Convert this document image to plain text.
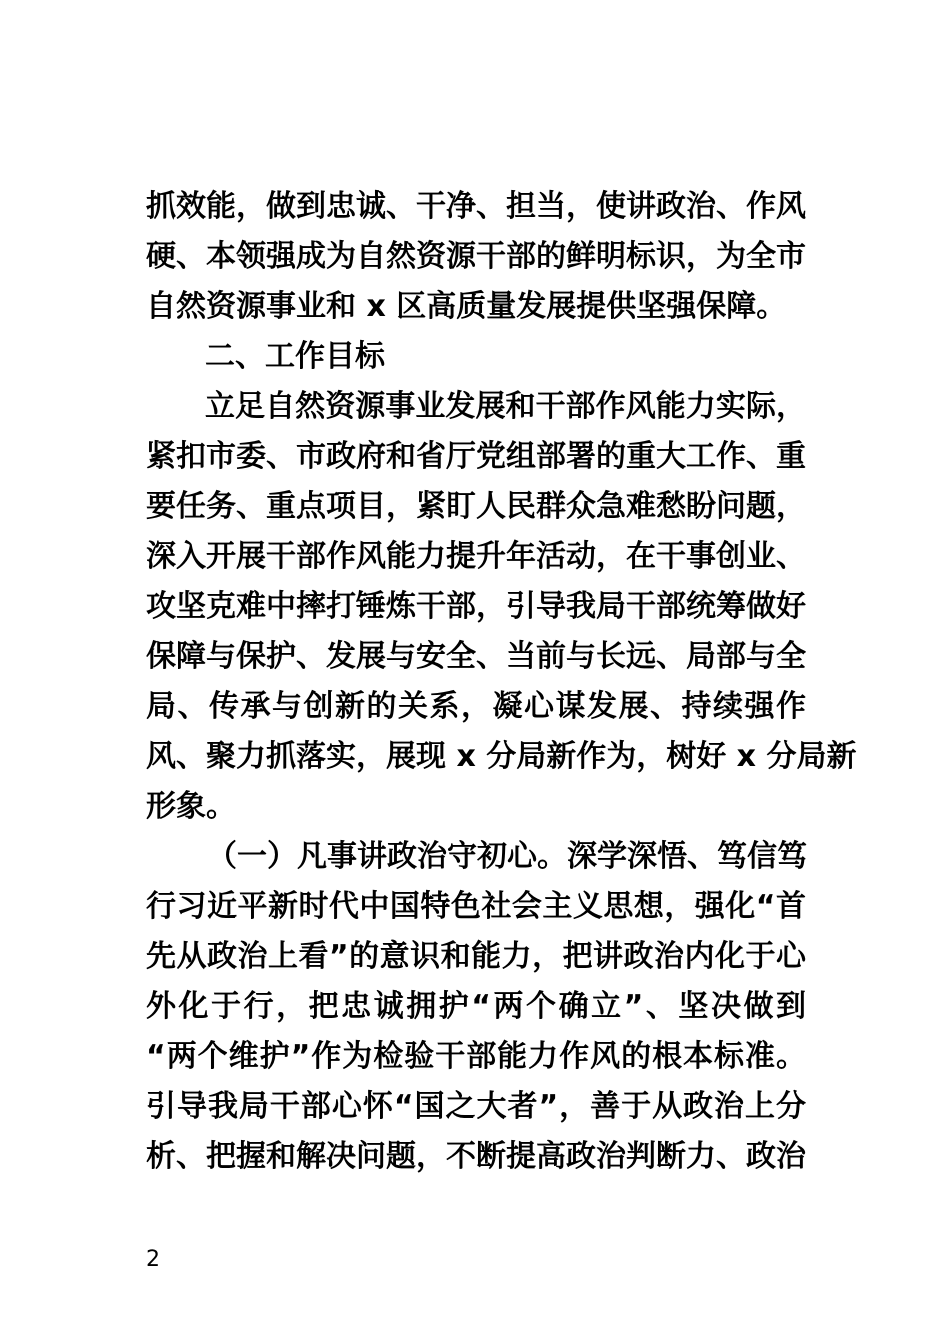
抓效能，做到忠诚、干净、担当，使讲政治、作风
硬、本领强成为自然资源干部的鲜明标识，为全市
自然资源事业和 x 区高质量发展提供坚强保障。
二、工作目标
立足自然资源事业发展和干部作风能力实际，
紧扣市委、市政府和省厅党组部署的重大工作、重
要任务、重点项目，紧盯人民群众急难愁盼问题，
深入开展干部作风能力提升年活动，在干事创业、
攻坚克难中摔打锤炼干部，引导我局干部统筹做好
保障与保护、发展与安全、当前与长远、局部与全
局、传承与创新的关系，凝心谋发展、持续强作
风、聚力抓落实，展现 x 分局新作为，树好 x 分局新
形象。
（一）凡事讲政治守初心。深学深悟、笃信笃
行习近平新时代中国特色社会主义思想，强化“首
先从政治上看”的意识和能力，把讲政治内化于心
外化于行，把忠诚拥护“两个确立”、坚决做到
“两个维护”作为检验干部能力作风的根本标准。
引导我局干部心怀“国之大者”，善于从政治上分
析、把握和解决问题，不断提高政治判断力、政治
2
